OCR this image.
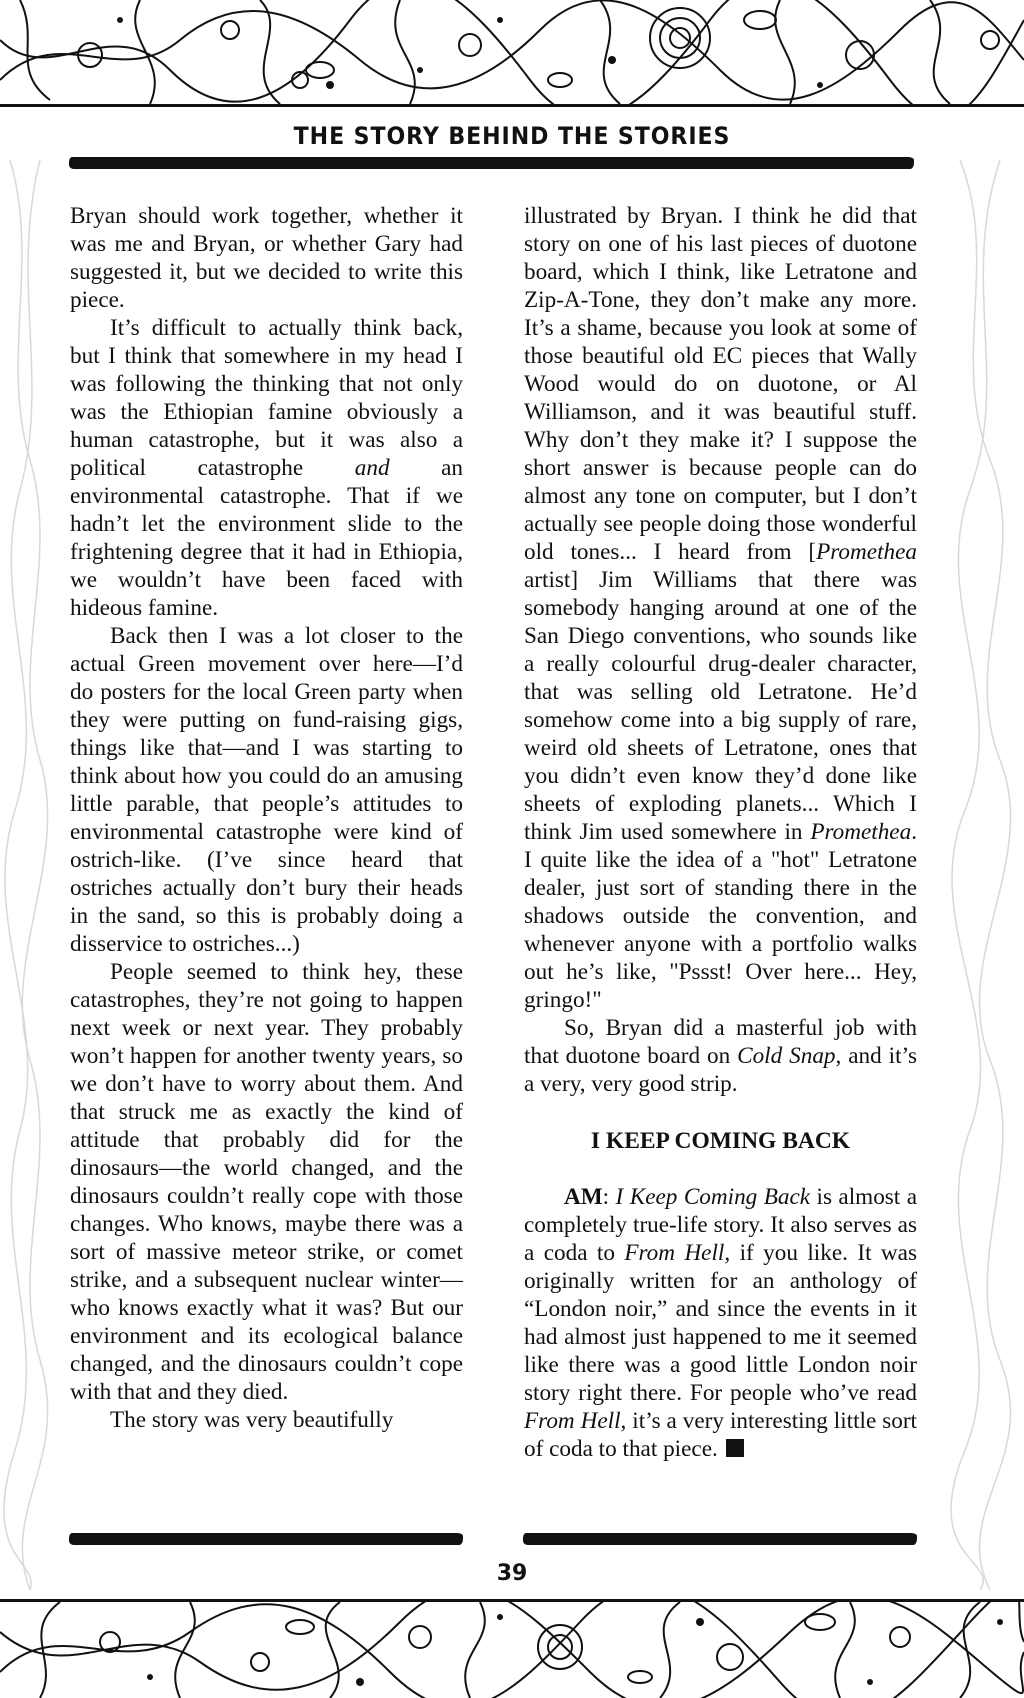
THE STORY BEHIND THE STORIES

Bryan should work together, whether it was me and Bryan, or whether Gary had suggested it, but we decided to write this piece.

It’s difficult to actually think back, but I think that somewhere in my head I was following the thinking that not only was the Ethiopian famine obviously a human catastrophe, but it was also a political catastrophe and an environmental catastrophe. That if we hadn’t let the environment slide to the frightening degree that it had in Ethiopia, we wouldn’t have been faced with hideous famine.

Back then I was a lot closer to the actual Green movement over here—I’d do posters for the local Green party when they were putting on fund-raising gigs, things like that—and I was starting to think about how you could do an amusing little parable, that people’s attitudes to environmental catastrophe were kind of ostrich-like. (I’ve since heard that ostriches actually don’t bury their heads in the sand, so this is probably doing a disservice to ostriches...)

People seemed to think hey, these catastrophes, they’re not going to happen next week or next year. They probably won’t happen for another twenty years, so we don’t have to worry about them. And that struck me as exactly the kind of attitude that probably did for the dinosaurs—the world changed, and the dinosaurs couldn’t really cope with those changes. Who knows, maybe there was a sort of massive meteor strike, or comet strike, and a subsequent nuclear winter—who knows exactly what it was? But our environment and its ecological balance changed, and the dinosaurs couldn’t cope with that and they died.

The story was very beautifully

illustrated by Bryan. I think he did that story on one of his last pieces of duotone board, which I think, like Letratone and Zip-A-Tone, they don’t make any more. It’s a shame, because you look at some of those beautiful old EC pieces that Wally Wood would do on duotone, or Al Williamson, and it was beautiful stuff. Why don’t they make it? I suppose the short answer is because people can do almost any tone on computer, but I don’t actually see people doing those wonderful old tones... I heard from [Promethea artist] Jim Williams that there was somebody hanging around at one of the San Diego conventions, who sounds like a really colourful drug-dealer character, that was selling old Letratone. He’d somehow come into a big supply of rare, weird old sheets of Letratone, ones that you didn’t even know they’d done like sheets of exploding planets... Which I think Jim used somewhere in Promethea. I quite like the idea of a "hot" Letratone dealer, just sort of standing there in the shadows outside the convention, and whenever anyone with a portfolio walks out he’s like, "Pssst! Over here... Hey, gringo!"

So, Bryan did a masterful job with that duotone board on Cold Snap, and it’s a very, very good strip.

I KEEP COMING BACK

AM: I Keep Coming Back is almost a completely true-life story. It also serves as a coda to From Hell, if you like. It was originally written for an anthology of “London noir,” and since the events in it had almost just happened to me it seemed like there was a good little London noir story right there. For people who’ve read From Hell, it’s a very interesting little sort of coda to that piece.

39
